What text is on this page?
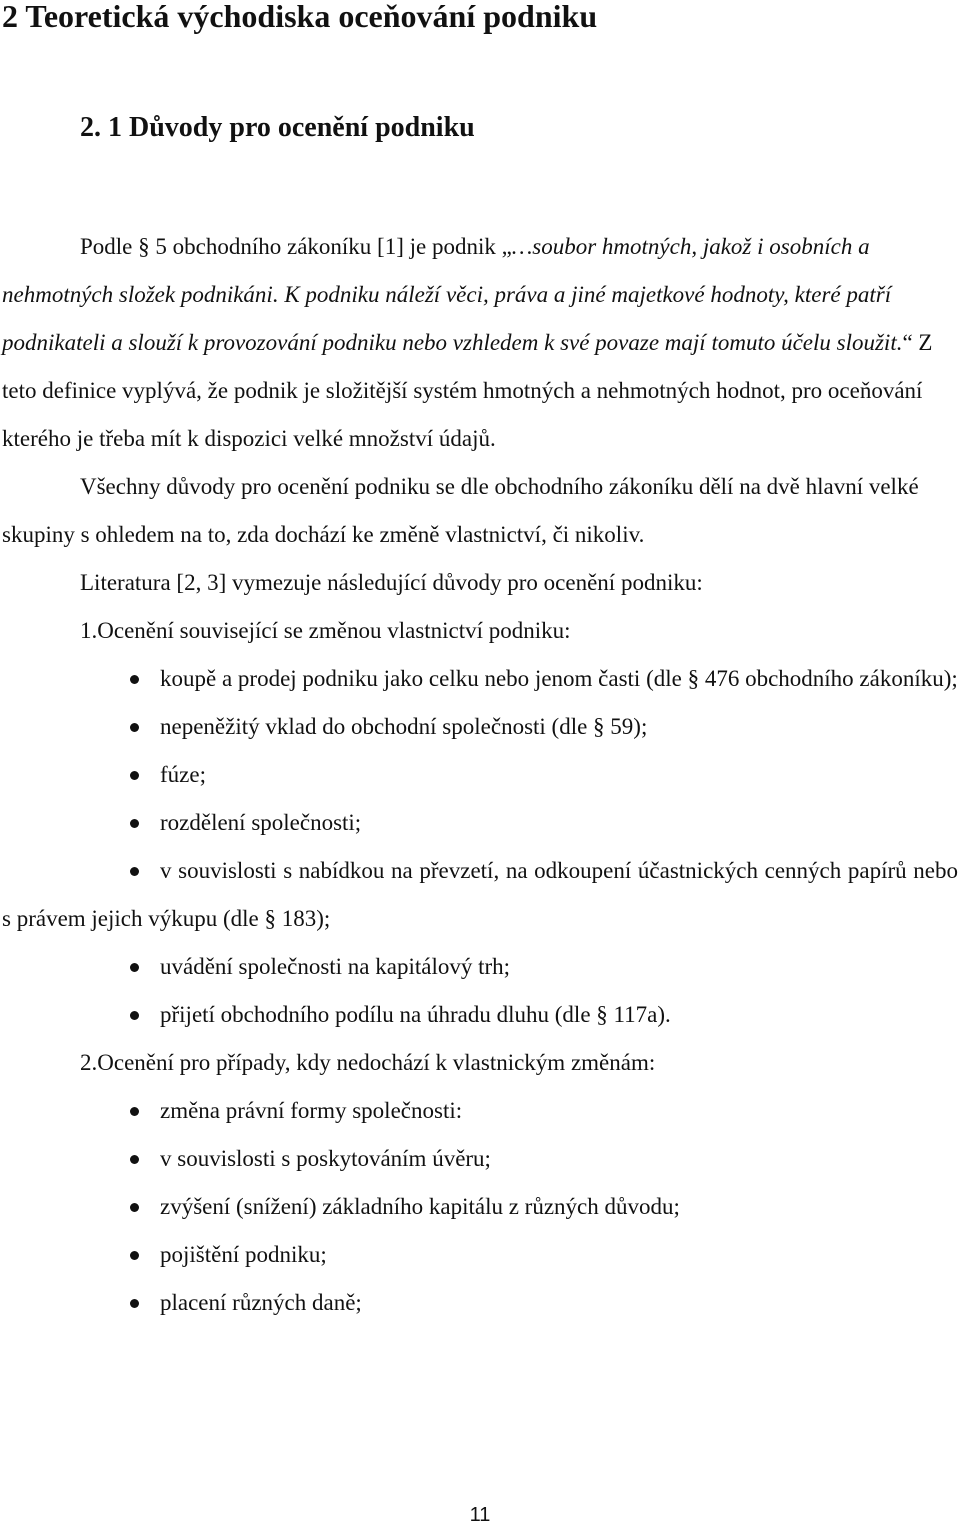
2 Teoretická východiska oceňování podniku
2. 1 Důvody pro ocenění podniku

Podle § 5 obchodního zákoníku [1] je podnik „…soubor hmotných, jakož i osobních a nehmotných složek podnikáni. K podniku náleží věci, práva a jiné majetkové hodnoty, které patří podnikateli a slouží k provozování podniku nebo vzhledem k své povaze mají tomuto účelu sloužit.“ Z teto definice vyplývá, že podnik je složitější systém hmotných a nehmotných hodnot, pro oceňování kterého je třeba mít k dispozici velké množství údajů.

Všechny důvody pro ocenění podniku se dle obchodního zákoníku dělí na dvě hlavní velké skupiny s ohledem na to, zda dochází ke změně vlastnictví, či nikoliv.

Literatura [2, 3] vymezuje následující důvody pro ocenění podniku:

1.Ocenění související se změnou vlastnictví podniku:
koupě a prodej podniku jako celku nebo jenom časti (dle § 476 obchodního zákoníku);
nepeněžitý vklad do obchodní společnosti (dle § 59);
fúze;
rozdělení společnosti;
v souvislosti s nabídkou na převzetí, na odkoupení účastnických cenných papírů nebo s právem jejich výkupu (dle § 183);
uvádění společnosti na kapitálový trh;
přijetí obchodního podílu na úhradu dluhu (dle § 117a).
2.Ocenění pro případy, kdy nedochází k vlastnickým změnám:
změna právní formy společnosti:
v souvislosti s poskytováním úvěru;
zvýšení (snížení) základního kapitálu z různých důvodu;
pojištění podniku;
placení různých daně;
11
